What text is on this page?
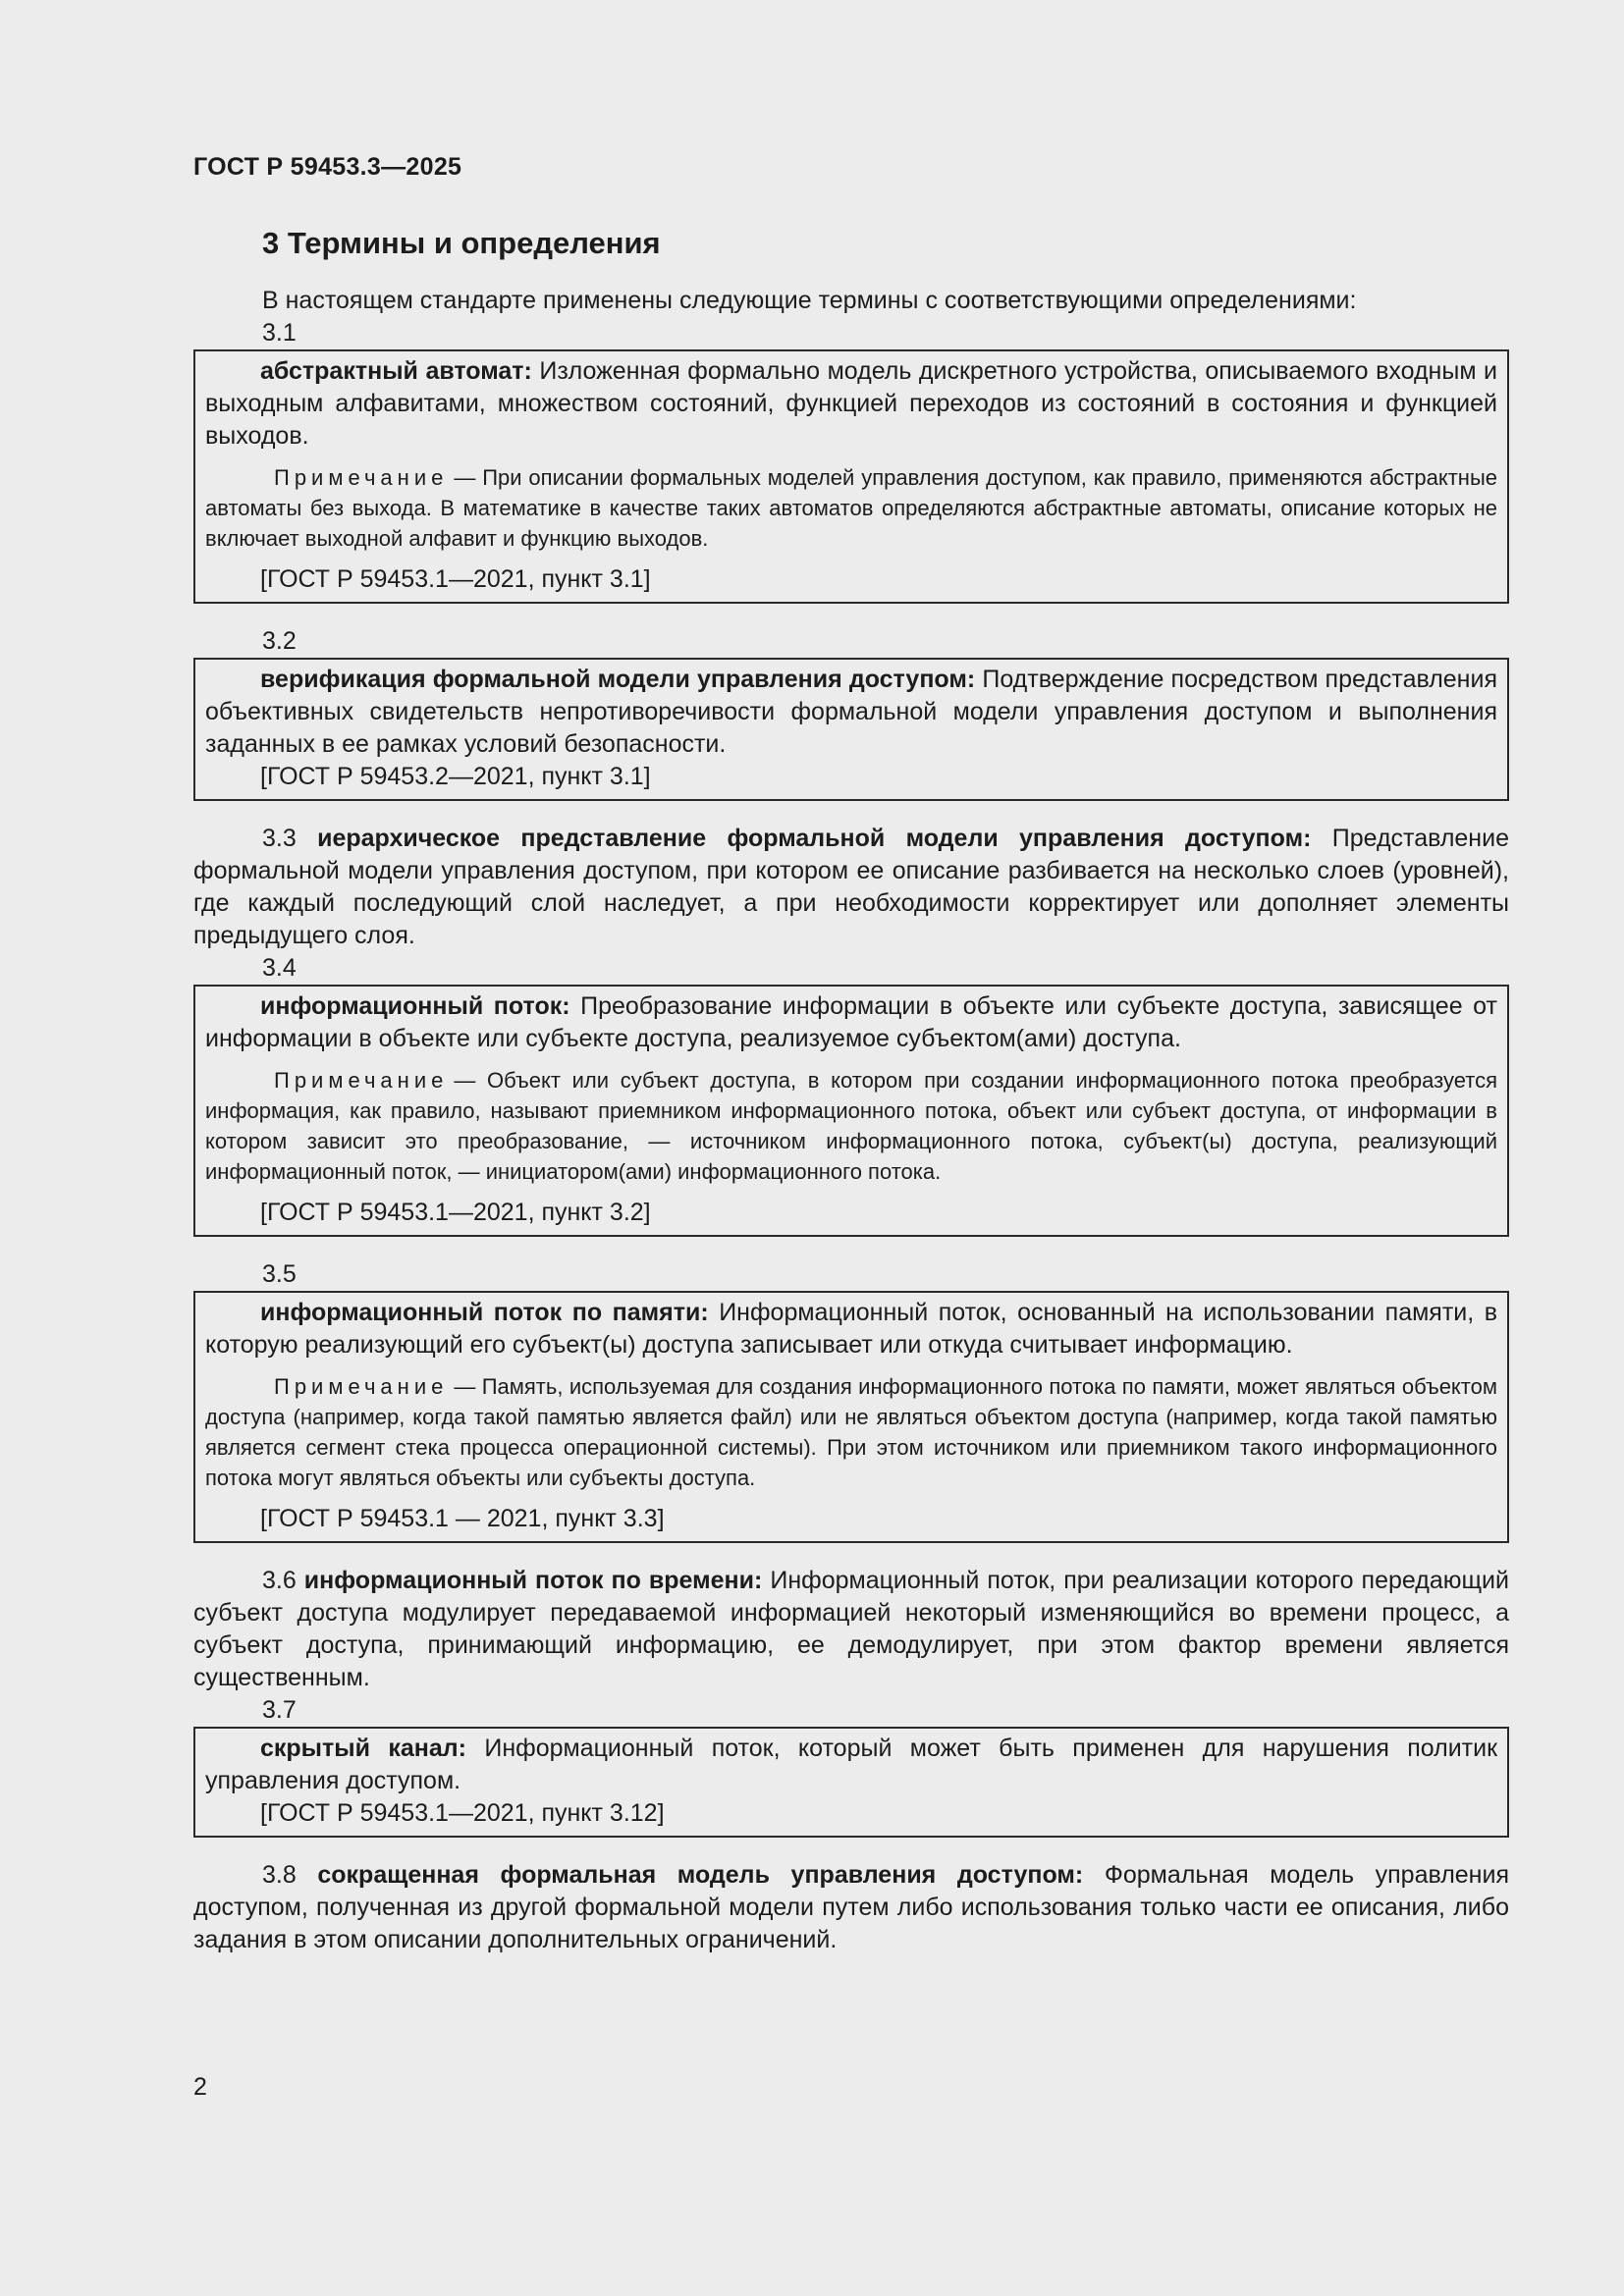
ГОСТ Р 59453.3—2025
3 Термины и определения

В настоящем стандарте применены следующие термины с соответствующими определениями:

3.1

абстрактный автомат: Изложенная формально модель дискретного устройства, описываемого входным и выходным алфавитами, множеством состояний, функцией переходов из состояний в состояния и функцией выходов.

Примечание — При описании формальных моделей управления доступом, как правило, применяются абстрактные автоматы без выхода. В математике в качестве таких автоматов определяются абстрактные автоматы, описание которых не включает выходной алфавит и функцию выходов.

[ГОСТ Р 59453.1—2021, пункт 3.1]

3.2

верификация формальной модели управления доступом: Подтверждение посредством представления объективных свидетельств непротиворечивости формальной модели управления доступом и выполнения заданных в ее рамках условий безопасности.

[ГОСТ Р 59453.2—2021, пункт 3.1]

3.3 иерархическое представление формальной модели управления доступом: Представление формальной модели управления доступом, при котором ее описание разбивается на несколько слоев (уровней), где каждый последующий слой наследует, а при необходимости корректирует или дополняет элементы предыдущего слоя.

3.4

информационный поток: Преобразование информации в объекте или субъекте доступа, зависящее от информации в объекте или субъекте доступа, реализуемое субъектом(ами) доступа.

Примечание — Объект или субъект доступа, в котором при создании информационного потока преобразуется информация, как правило, называют приемником информационного потока, объект или субъект доступа, от информации в котором зависит это преобразование, — источником информационного потока, субъект(ы) доступа, реализующий информационный поток, — инициатором(ами) информационного потока.

[ГОСТ Р 59453.1—2021, пункт 3.2]

3.5

информационный поток по памяти: Информационный поток, основанный на использовании памяти, в которую реализующий его субъект(ы) доступа записывает или откуда считывает информацию.

Примечание — Память, используемая для создания информационного потока по памяти, может являться объектом доступа (например, когда такой памятью является файл) или не являться объектом доступа (например, когда такой памятью является сегмент стека процесса операционной системы). При этом источником или приемником такого информационного потока могут являться объекты или субъекты доступа.

[ГОСТ Р 59453.1 — 2021, пункт 3.3]

3.6 информационный поток по времени: Информационный поток, при реализации которого передающий субъект доступа модулирует передаваемой информацией некоторый изменяющийся во времени процесс, а субъект доступа, принимающий информацию, ее демодулирует, при этом фактор времени является существенным.

3.7

скрытый канал: Информационный поток, который может быть применен для нарушения политик управления доступом.

[ГОСТ Р 59453.1—2021, пункт 3.12]

3.8 сокращенная формальная модель управления доступом: Формальная модель управления доступом, полученная из другой формальной модели путем либо использования только части ее описания, либо задания в этом описании дополнительных ограничений.

2
